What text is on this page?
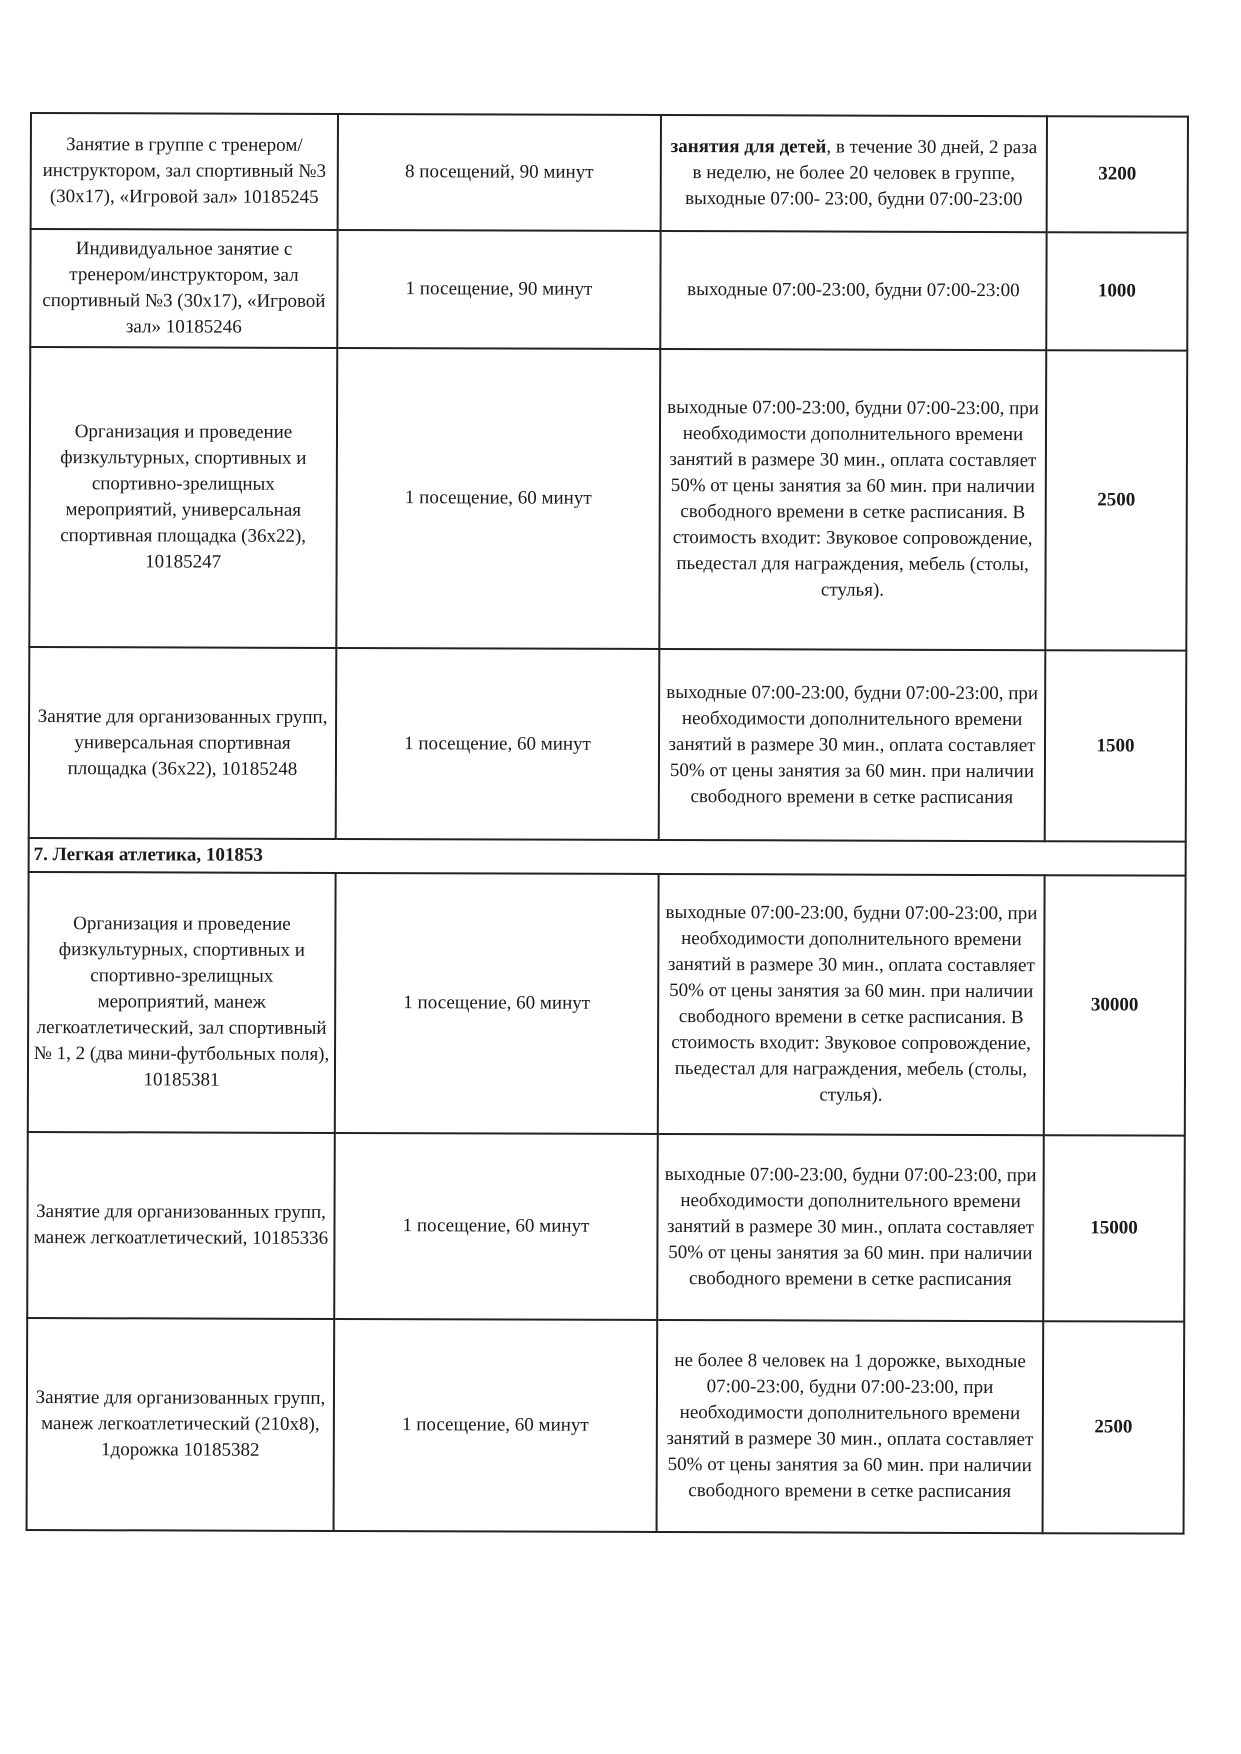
Занятие в группе с тренером/инструктором, зал спортивный №3 (30x17), «Игровой зал» 10185245	8 посещений, 90 минут	занятия для детей, в течение 30 дней, 2 раза в неделю, не более 20 человек в группе, выходные 07:00- 23:00, будни 07:00-23:00	3200
Индивидуальное занятие с тренером/инструктором, зал спортивный №3 (30x17), «Игровой зал» 10185246	1 посещение, 90 минут	выходные 07:00-23:00, будни 07:00-23:00	1000
Организация и проведение физкультурных, спортивных и спортивно-зрелищных мероприятий, универсальная спортивная площадка (36x22), 10185247	1 посещение, 60 минут	выходные 07:00-23:00, будни 07:00-23:00, при необходимости дополнительного времени занятий в размере 30 мин., оплата составляет 50% от цены занятия за 60 мин. при наличии свободного времени в сетке расписания. В стоимость входит: Звуковое сопровождение, пьедестал для награждения, мебель (столы, стулья).	2500
Занятие для организованных групп, универсальная спортивная площадка (36x22), 10185248	1 посещение, 60 минут	выходные 07:00-23:00, будни 07:00-23:00, при необходимости дополнительного времени занятий в размере 30 мин., оплата составляет 50% от цены занятия за 60 мин. при наличии свободного времени в сетке расписания	1500
7. Легкая атлетика, 101853			
Организация и проведение физкультурных, спортивных и спортивно-зрелищных мероприятий, манеж легкоатлетический, зал спортивный № 1, 2 (два мини-футбольных поля), 10185381	1 посещение, 60 минут	выходные 07:00-23:00, будни 07:00-23:00, при необходимости дополнительного времени занятий в размере 30 мин., оплата составляет 50% от цены занятия за 60 мин. при наличии свободного времени в сетке расписания. В стоимость входит: Звуковое сопровождение, пьедестал для награждения, мебель (столы, стулья).	30000
Занятие для организованных групп, манеж легкоатлетический, 10185336	1 посещение, 60 минут	выходные 07:00-23:00, будни 07:00-23:00, при необходимости дополнительного времени занятий в размере 30 мин., оплата составляет 50% от цены занятия за 60 мин. при наличии свободного времени в сетке расписания	15000
Занятие для организованных групп, манеж легкоатлетический (210x8), 1дорожка 10185382	1 посещение, 60 минут	не более 8 человек на 1 дорожке, выходные 07:00-23:00, будни 07:00-23:00, при необходимости дополнительного времени занятий в размере 30 мин., оплата составляет 50% от цены занятия за 60 мин. при наличии свободного времени в сетке расписания	2500
